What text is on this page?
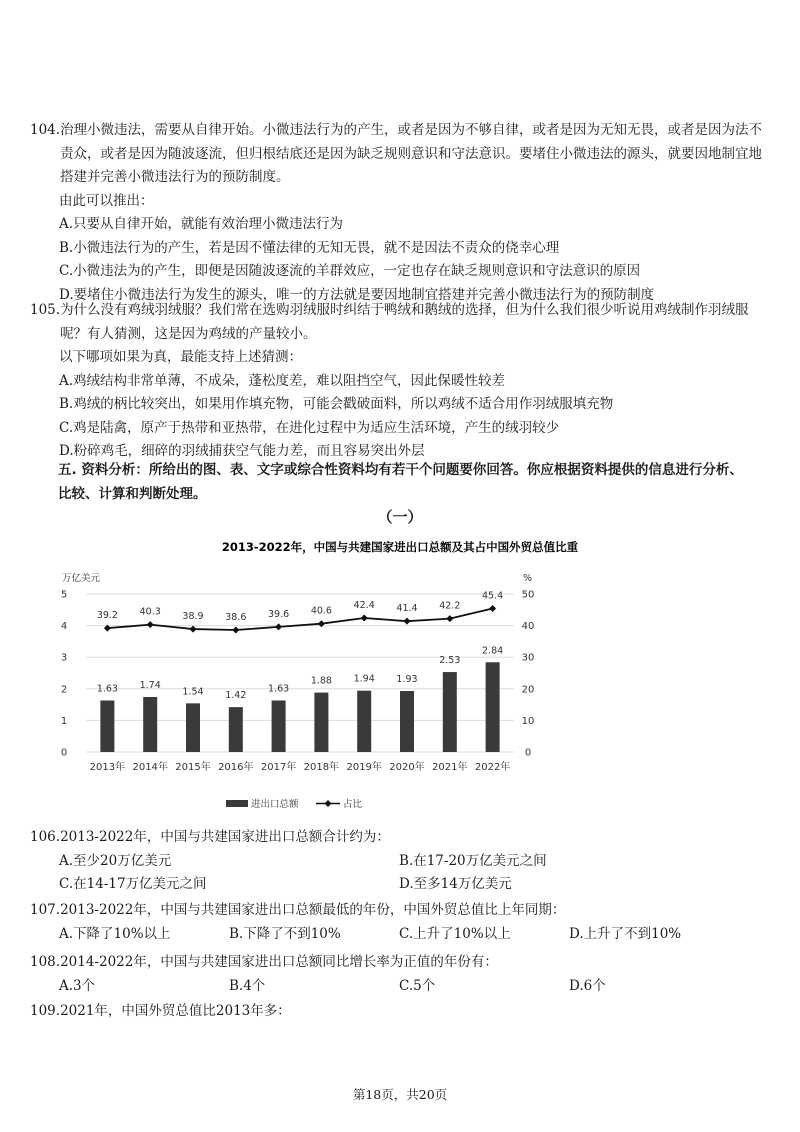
104. 治理小微违法，需要从自律开始。小微违法行为的产生，或者是因为不够自律，或者是因为无知无畏，或者是因为法不责众，或者是因为随波逐流，但归根结底还是因为缺乏规则意识和守法意识。要堵住小微违法的源头，就要因地制宜地搭建并完善小微违法行为的预防制度。
由此可以推出：
A.只要从自律开始，就能有效治理小微违法行为
B.小微违法行为的产生，若是因不懂法律的无知无畏，就不是因法不责众的侥幸心理
C.小微违法为的产生，即便是因随波逐流的羊群效应，一定也存在缺乏规则意识和守法意识的原因
D.要堵住小微违法行为发生的源头，唯一的方法就是要因地制宜搭建并完善小微违法行为的预防制度
105. 为什么没有鸡绒羽绒服？我们常在选购羽绒服时纠结于鸭绒和鹅绒的选择，但为什么我们很少听说用鸡绒制作羽绒服呢？有人猜测，这是因为鸡绒的产量较小。
以下哪项如果为真，最能支持上述猜测：
A.鸡绒结构非常单薄，不成朵，蓬松度差，难以阻挡空气，因此保暖性较差
B.鸡绒的柄比较突出，如果用作填充物，可能会戳破面料，所以鸡绒不适合用作羽绒服填充物
C.鸡是陆禽，原产于热带和亚热带，在进化过程中为适应生活环境，产生的绒羽较少
D.粉碎鸡毛，细碎的羽绒捕获空气能力差，而且容易突出外层
五. 资料分析：所给出的图、表、文字或综合性资料均有若干个问题要你回答。你应根据资料提供的信息进行分析、比较、计算和判断处理。
（一）
2013-2022年，中国与共建国家进出口总额及其占中国外贸总值比重
万亿美元	%
0
1
2
3
4
5
0
10
20
30
40
50
1.63 1.74
1.54 1.42
1.63
1.88 1.94 1.93
2.53
2.84
39.2 40.3 38.9 38.6 39.6 40.6
42.4 41.4 42.2
45.4
2013年 2014年 2015年 2016年 2017年 2018年 2019年 2020年 2021年 2022年
进出口总额	占比
106. 2013-2022年，中国与共建国家进出口总额合计约为：
A.至少20万亿美元	B.在17-20万亿美元之间
C.在14-17万亿美元之间	D.至多14万亿美元
107. 2013-2022年，中国与共建国家进出口总额最低的年份，中国外贸总值比上年同期：
A.下降了10%以上	B.下降了不到10%	C.上升了10%以上	D.上升了不到10%
108. 2014-2022年，中国与共建国家进出口总额同比增长率为正值的年份有：
A.3个	B.4个	C.5个	D.6个
109. 2021年，中国外贸总值比2013年多：
第18页，共20页
